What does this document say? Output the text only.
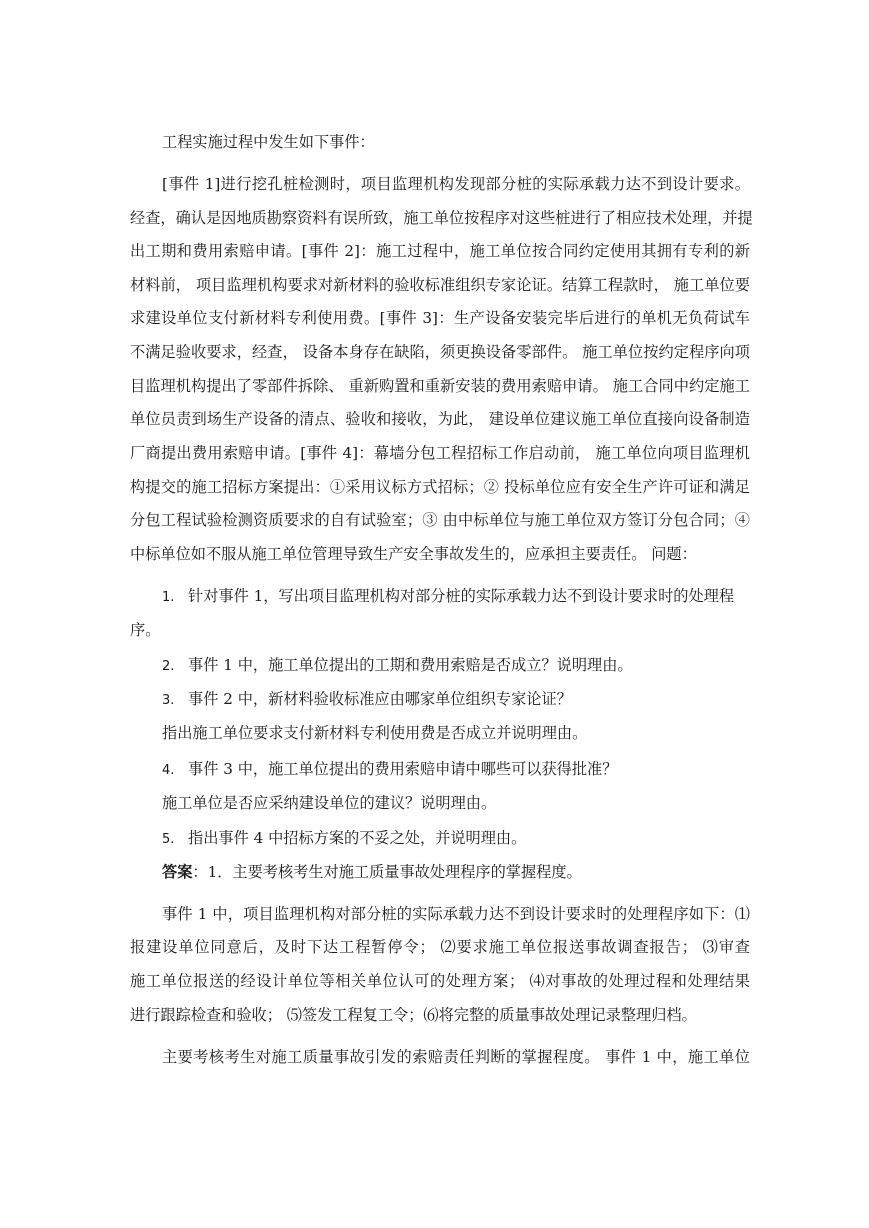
工程实施过程中发生如下事件：
[事件 1]进行挖孔桩检测时，项目监理机构发现部分桩的实际承载力达不到设计要求。
经查，确认是因地质勘察资料有误所致，施工单位按程序对这些桩进行了相应技术处理，并提
出工期和费用索赔申请。[事件 2]：施工过程中，施工单位按合同约定使用其拥有专利的新
材料前， 项目监理机构要求对新材料的验收标准组织专家论证。结算工程款时， 施工单位要
求建设单位支付新材料专利使用费。[事件 3]：生产设备安装完毕后进行的单机无负荷试车
不满足验收要求，经查， 设备本身存在缺陷，须更换设备零部件。 施工单位按约定程序向项
目监理机构提出了零部件拆除、 重新购置和重新安装的费用索赔申请。 施工合同中约定施工
单位员责到场生产设备的清点、验收和接收，为此， 建设单位建议施工单位直接向设备制造
厂商提出费用索赔申请。[事件 4]：幕墙分包工程招标工作启动前， 施工单位向项目监理机
构提交的施工招标方案提出：①采用议标方式招标；② 投标单位应有安全生产许可证和满足
分包工程试验检测资质要求的自有试验室；③ 由中标单位与施工单位双方签订分包合同；④
中标单位如不服从施工单位管理导致生产安全事故发生的，应承担主要责任。 问题：
1. 针对事件 1，写出项目监理机构对部分桩的实际承载力达不到设计要求时的处理程
序。
2. 事件 1 中，施工单位提出的工期和费用索赔是否成立？说明理由。
3. 事件 2 中，新材料验收标准应由哪家单位组织专家论证？
指出施工单位要求支付新材料专利使用费是否成立并说明理由。
4. 事件 3 中，施工单位提出的费用索赔申请中哪些可以获得批准？
施工单位是否应采纳建设单位的建议？说明理由。
5. 指出事件 4 中招标方案的不妥之处，并说明理由。
答案：1．主要考核考生对施工质量事故处理程序的掌握程度。
事件 1 中，项目监理机构对部分桩的实际承载力达不到设计要求时的处理程序如下：⑴
报建设单位同意后，及时下达工程暂停令； ⑵要求施工单位报送事故调查报告； ⑶审查
施工单位报送的经设计单位等相关单位认可的处理方案； ⑷对事故的处理过程和处理结果
进行跟踪检查和验收； ⑸签发工程复工令；⑹将完整的质量事故处理记录整理归档。
主要考核考生对施工质量事故引发的索赔责任判断的掌握程度。 事件 1 中，施工单位
